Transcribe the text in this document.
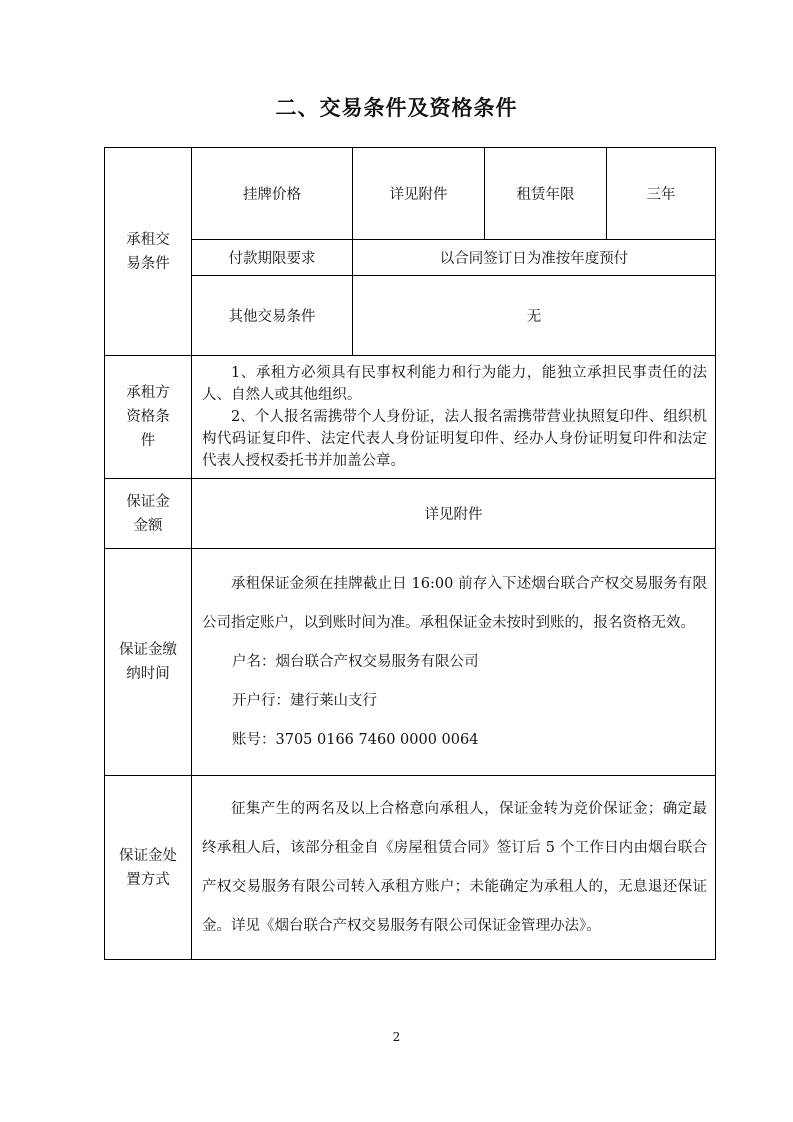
二、交易条件及资格条件
承租交易条件	挂牌价格	详见附件	租赁年限	三年
	付款期限要求	以合同签订日为准按年度预付		
	其他交易条件	无		

承租方资格条件	1、承租方必须具有民事权利能力和行为能力，能独立承担民事责任的法人、自然人或其他组织。

2、个人报名需携带个人身份证，法人报名需携带营业执照复印件、组织机构代码证复印件、法定代表人身份证明复印件、经办人身份证明复印件和法定代表人授权委托书并加盖公章。			

保证金金额	详见附件			

保证金缴纳时间	承租保证金须在挂牌截止日 16:00 前存入下述烟台联合产权交易服务有限公司指定账户，以到账时间为准。承租保证金未按时到账的，报名资格无效。

户名：烟台联合产权交易服务有限公司

开户行：建行莱山支行

账号：3705 0166 7460 0000 0064			

保证金处置方式	征集产生的两名及以上合格意向承租人，保证金转为竞价保证金；确定最终承租人后，该部分租金自《房屋租赁合同》签订后 5 个工作日内由烟台联合产权交易服务有限公司转入承租方账户；未能确定为承租人的，无息退还保证金。详见《烟台联合产权交易服务有限公司保证金管理办法》。			

2
